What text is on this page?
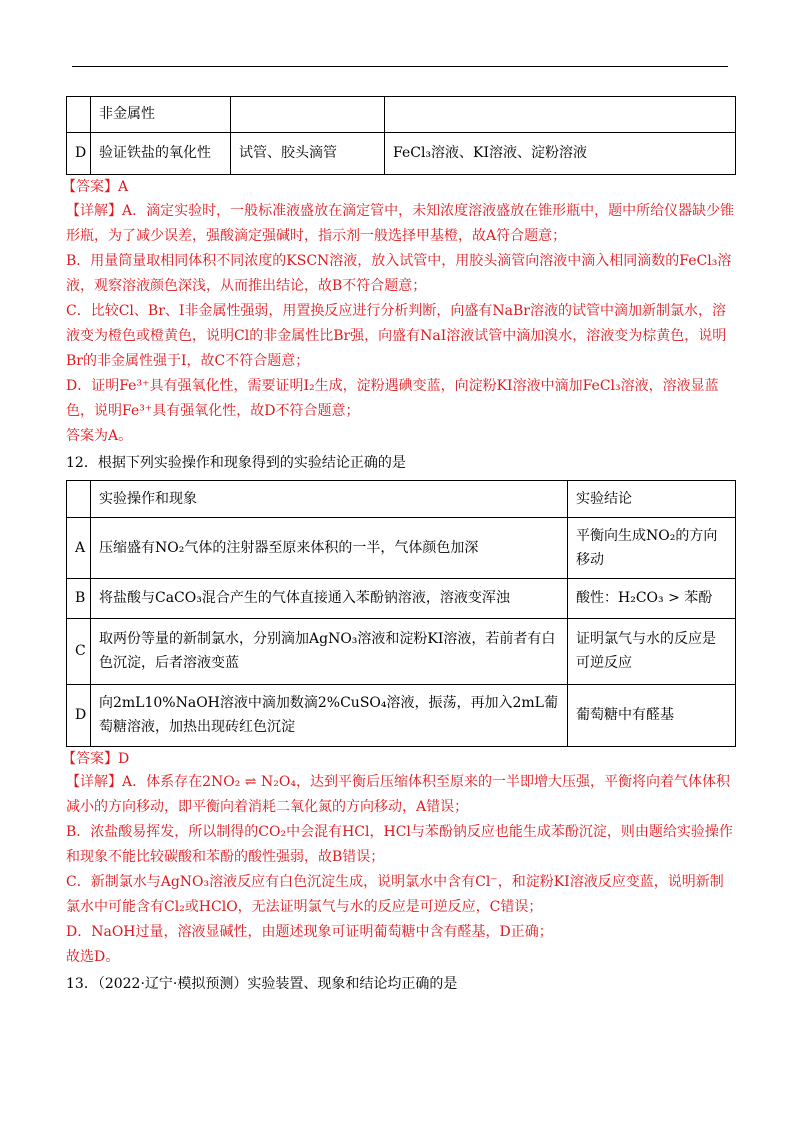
	非金属性		
D	验证铁盐的氧化性	试管、胶头滴管	FeCl₃溶液、KI溶液、淀粉溶液

【答案】A

【详解】A．滴定实验时，一般标准液盛放在滴定管中，未知浓度溶液盛放在锥形瓶中，题中所给仪器缺少锥形瓶，为了减少误差，强酸滴定强碱时，指示剂一般选择甲基橙，故A符合题意；

B．用量筒量取相同体积不同浓度的KSCN溶液，放入试管中，用胶头滴管向溶液中滴入相同滴数的FeCl₃溶液，观察溶液颜色深浅，从而推出结论，故B不符合题意；

C．比较Cl、Br、I非金属性强弱，用置换反应进行分析判断，向盛有NaBr溶液的试管中滴加新制氯水，溶液变为橙色或橙黄色，说明Cl的非金属性比Br强，向盛有NaI溶液试管中滴加溴水，溶液变为棕黄色，说明Br的非金属性强于I，故C不符合题意；

D．证明Fe³⁺具有强氧化性，需要证明I₂生成，淀粉遇碘变蓝，向淀粉KI溶液中滴加FeCl₃溶液，溶液显蓝色，说明Fe³⁺具有强氧化性，故D不符合题意；

答案为A。

12．根据下列实验操作和现象得到的实验结论正确的是

	实验操作和现象	实验结论
A	压缩盛有NO₂气体的注射器至原来体积的一半，气体颜色加深	平衡向生成NO₂的方向移动
B	将盐酸与CaCO₃混合产生的气体直接通入苯酚钠溶液，溶液变浑浊	酸性：H₂CO₃ > 苯酚
C	取两份等量的新制氯水，分别滴加AgNO₃溶液和淀粉KI溶液，若前者有白色沉淀，后者溶液变蓝	证明氯气与水的反应是可逆反应
D	向2mL10%NaOH溶液中滴加数滴2%CuSO₄溶液，振荡，再加入2mL葡萄糖溶液，加热出现砖红色沉淀	葡萄糖中有醛基

【答案】D

【详解】A．体系存在2NO₂ ⇌ N₂O₄，达到平衡后压缩体积至原来的一半即增大压强，平衡将向着气体体积减小的方向移动，即平衡向着消耗二氧化氮的方向移动，A错误；

B．浓盐酸易挥发，所以制得的CO₂中会混有HCl，HCl与苯酚钠反应也能生成苯酚沉淀，则由题给实验操作和现象不能比较碳酸和苯酚的酸性强弱，故B错误；

C．新制氯水与AgNO₃溶液反应有白色沉淀生成，说明氯水中含有Cl⁻，和淀粉KI溶液反应变蓝，说明新制氯水中可能含有Cl₂或HClO，无法证明氯气与水的反应是可逆反应，C错误；

D．NaOH过量，溶液显碱性，由题述现象可证明葡萄糖中含有醛基，D正确；

故选D。

13．（2022·辽宁·模拟预测）实验装置、现象和结论均正确的是
